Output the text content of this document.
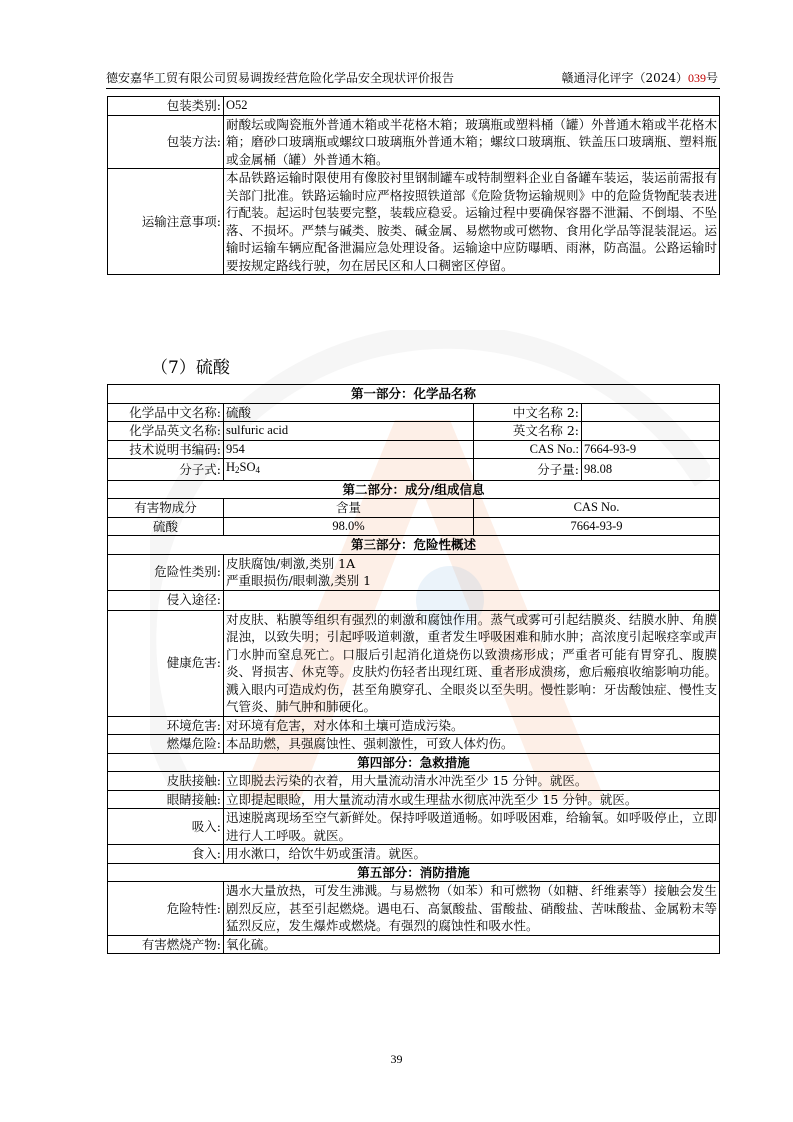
德安嘉华工贸有限公司贸易调拨经营危险化学品安全现状评价报告	赣通浔化评字（2024）039号
包装类别:	O52
包装方法:	耐酸坛或陶瓷瓶外普通木箱或半花格木箱；玻璃瓶或塑料桶（罐）外普通木箱或半花格木箱；磨砂口玻璃瓶或螺纹口玻璃瓶外普通木箱；螺纹口玻璃瓶、铁盖压口玻璃瓶、塑料瓶或金属桶（罐）外普通木箱。
运输注意事项:	本品铁路运输时限使用有像胶衬里钢制罐车或特制塑料企业自备罐车装运，装运前需报有关部门批准。铁路运输时应严格按照铁道部《危险货物运输规则》中的危险货物配装表进行配装。起运时包装要完整，装载应稳妥。运输过程中要确保容器不泄漏、不倒塌、不坠落、不损坏。严禁与碱类、胺类、碱金属、易燃物或可燃物、食用化学品等混装混运。运输时运输车辆应配备泄漏应急处理设备。运输途中应防曝晒、雨淋，防高温。公路运输时要按规定路线行驶，勿在居民区和人口稠密区停留。
（7）硫酸
第一部分：化学品名称			
化学品中文名称:	硫酸	中文名称 2:	
化学品英文名称:	sulfuric acid	英文名称 2:	
技术说明书编码:	954	CAS No.:	7664-93-9
分子式:	$H_2SO_4$	分子量:	98.08
第二部分：成分/组成信息			
有害物成分	含量	CAS No.	
硫酸	98.0%	7664-93-9	
第三部分：危险性概述			
危险性类别:	皮肤腐蚀/刺激,类别 1A
严重眼损伤/眼刺激,类别 1		

侵入途径:			
健康危害:	对皮肤、粘膜等组织有强烈的刺激和腐蚀作用。蒸气或雾可引起结膜炎、结膜水肿、角膜混浊，以致失明；引起呼吸道刺激，重者发生呼吸困难和肺水肿；高浓度引起喉痉挛或声门水肿而窒息死亡。口服后引起消化道烧伤以致溃疡形成；严重者可能有胃穿孔、腹膜炎、肾损害、休克等。皮肤灼伤轻者出现红斑、重者形成溃疡，愈后瘢痕收缩影响功能。溅入眼内可造成灼伤，甚至角膜穿孔、全眼炎以至失明。慢性影响：牙齿酸蚀症、慢性支气管炎、肺气肿和肺硬化。		
环境危害:	对环境有危害，对水体和土壤可造成污染。		
燃爆危险:	本品助燃，具强腐蚀性、强刺激性，可致人体灼伤。		
第四部分：急救措施			
皮肤接触:	立即脱去污染的衣着，用大量流动清水冲洗至少 15 分钟。就医。		
眼睛接触:	立即提起眼睑，用大量流动清水或生理盐水彻底冲洗至少 15 分钟。就医。		
吸入:	迅速脱离现场至空气新鲜处。保持呼吸道通畅。如呼吸困难，给输氧。如呼吸停止，立即进行人工呼吸。就医。		
食入:	用水漱口，给饮牛奶或蛋清。就医。		
第五部分：消防措施			
危险特性:	遇水大量放热，可发生沸溅。与易燃物（如苯）和可燃物（如糖、纤维素等）接触会发生剧烈反应，甚至引起燃烧。遇电石、高氯酸盐、雷酸盐、硝酸盐、苦味酸盐、金属粉末等猛烈反应，发生爆炸或燃烧。有强烈的腐蚀性和吸水性。		
有害燃烧产物:	氧化硫。		
39
